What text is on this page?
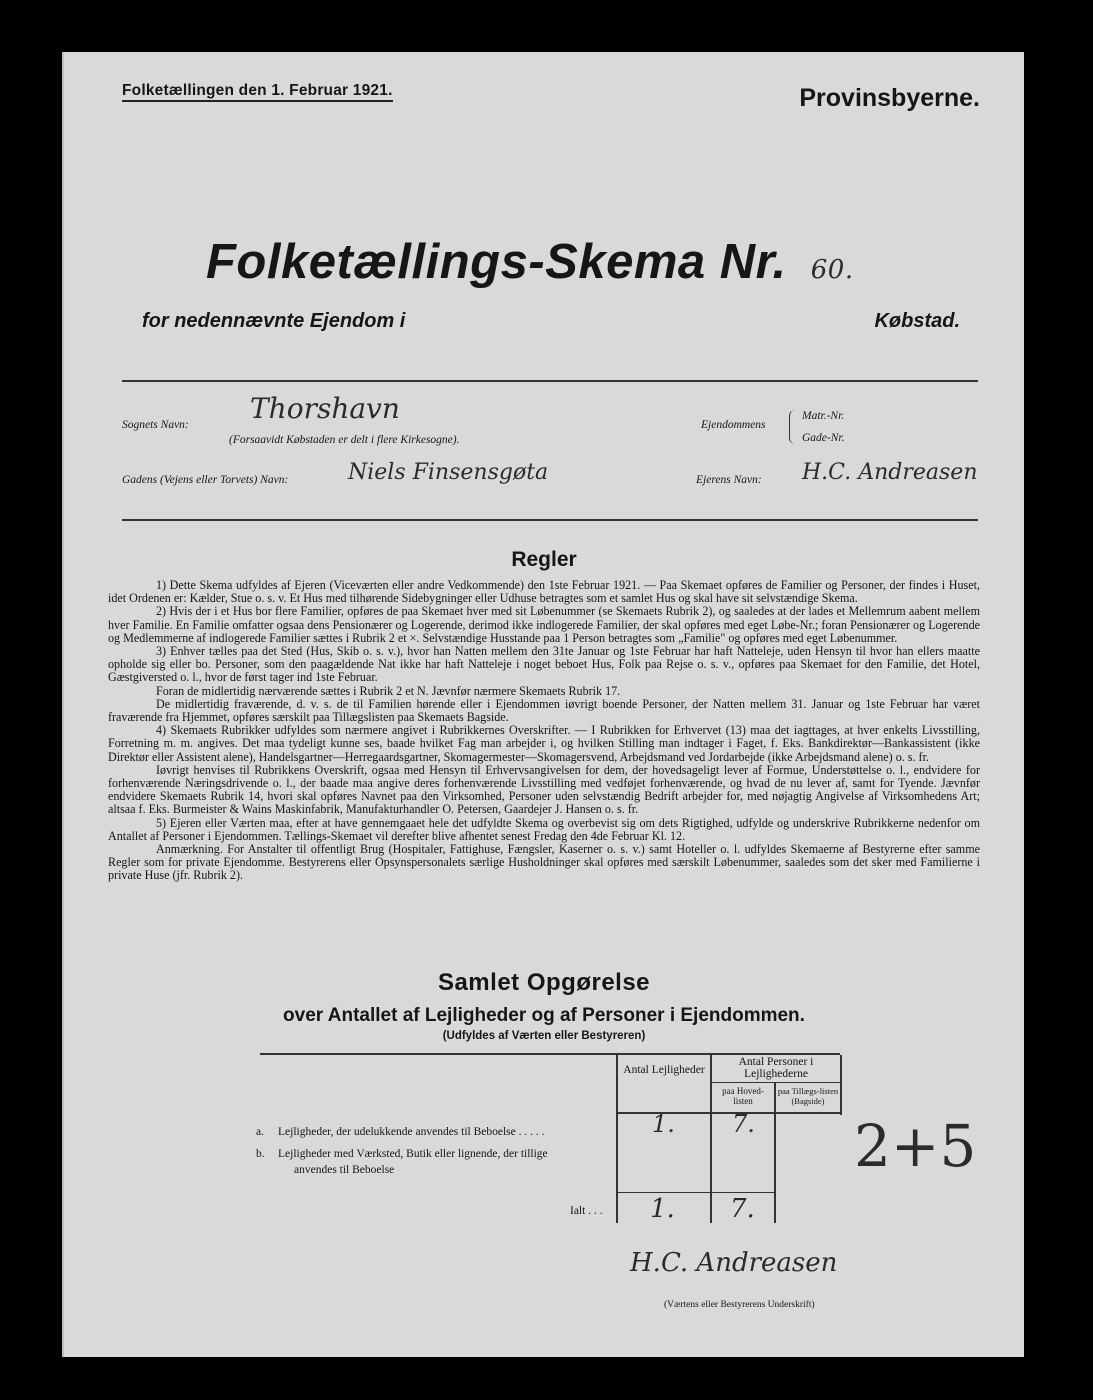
Folketællingen den 1. Februar 1921.	Provinsbyerne.
Folketællings-Skema Nr. 60.
for nedennævnte Ejendom i	Købstad.
Sognets Navn: Thorshavn
(Forsaavidt Købstaden er delt i flere Kirkesogne).
Ejendommens
Matr.-Nr.
Gade-Nr.
Gadens (Vejens eller Torvets) Navn:	Niels Finsensgøta	Ejerens Navn: H.C. Andreasen
Regler

1) Dette Skema udfyldes af Ejeren (Viceværten eller andre Vedkommende) den 1ste Februar 1921. — Paa Skemaet opføres de Familier og Personer, der findes i Huset, idet Ordenen er: Kælder, Stue o. s. v. Et Hus med tilhørende Sidebygninger eller Udhuse betragtes som et samlet Hus og skal have sit selvstændige Skema.

2) Hvis der i et Hus bor flere Familier, opføres de paa Skemaet hver med sit Løbenummer (se Skemaets Rubrik 2), og saaledes at der lades et Mellemrum aabent mellem hver Familie. En Familie omfatter ogsaa dens Pensionærer og Logerende, derimod ikke indlogerede Familier, der skal opføres med eget Løbe-Nr.; foran Pensionærer og Logerende og Medlemmerne af indlogerede Familier sættes i Rubrik 2 et ×. Selvstændige Husstande paa 1 Person betragtes som „Familie" og opføres med eget Løbenummer.

3) Enhver tælles paa det Sted (Hus, Skib o. s. v.), hvor han Natten mellem den 31te Januar og 1ste Februar har haft Natteleje, uden Hensyn til hvor han ellers maatte opholde sig eller bo. Personer, som den paagældende Nat ikke har haft Natteleje i noget beboet Hus, Folk paa Rejse o. s. v., opføres paa Skemaet for den Familie, det Hotel, Gæstgiversted o. l., hvor de først tager ind 1ste Februar.

Foran de midlertidig nærværende sættes i Rubrik 2 et N. Jævnfør nærmere Skemaets Rubrik 17.

De midlertidig fraværende, d. v. s. de til Familien hørende eller i Ejendommen iøvrigt boende Personer, der Natten mellem 31. Januar og 1ste Februar har været fraværende fra Hjemmet, opføres særskilt paa Tillægslisten paa Skemaets Bagside.

4) Skemaets Rubrikker udfyldes som nærmere angivet i Rubrikkernes Overskrifter. — I Rubrikken for Erhvervet (13) maa det iagttages, at hver enkelts Livsstilling, Forretning m. m. angives. Det maa tydeligt kunne ses, baade hvilket Fag man arbejder i, og hvilken Stilling man indtager i Faget, f. Eks. Bankdirektør—Bankassistent (ikke Direktør eller Assistent alene), Handelsgartner—Herregaardsgartner, Skomagermester—Skomagersvend, Arbejdsmand ved Jordarbejde (ikke Arbejdsmand alene) o. s. fr.

Iøvrigt henvises til Rubrikkens Overskrift, ogsaa med Hensyn til Erhvervsangivelsen for dem, der hovedsageligt lever af Formue, Understøttelse o. l., endvidere for forhenværende Næringsdrivende o. l., der baade maa angive deres forhenværende Livsstilling med vedføjet forhenværende, og hvad de nu lever af, samt for Tyende. Jævnfør endvidere Skemaets Rubrik 14, hvori skal opføres Navnet paa den Virksomhed, Personer uden selvstændig Bedrift arbejder for, med nøjagtig Angivelse af Virksomhedens Art; altsaa f. Eks. Burmeister & Wains Maskinfabrik, Manufakturhandler O. Petersen, Gaardejer J. Hansen o. s. fr.

5) Ejeren eller Værten maa, efter at have gennemgaaet hele det udfyldte Skema og overbevist sig om dets Rigtighed, udfylde og underskrive Rubrikkerne nedenfor om Antallet af Personer i Ejendommen. Tællings-Skemaet vil derefter blive afhentet senest Fredag den 4de Februar Kl. 12.

Anmærkning. For Anstalter til offentligt Brug (Hospitaler, Fattighuse, Fængsler, Kaserner o. s. v.) samt Hoteller o. l. udfyldes Skemaerne af Bestyrerne efter samme Regler som for private Ejendomme. Bestyrerens eller Opsynspersonalets særlige Husholdninger skal opføres med særskilt Løbenummer, saaledes som det sker med Familierne i private Huse (jfr. Rubrik 2).

Samlet Opgørelse
over Antallet af Lejligheder og af Personer i Ejendommen.
(Udfyldes af Værten eller Bestyreren)
Antal Lejligheder
Antal Personer i Lejlighederne
paa Hoved-listen
paa Tillægs-listen (Bagside)
a. Lejligheder, der udelukkende anvendes til Beboelse . . . . .	1. 7.
b. Lejligheder med Værksted, Butik eller lignende, der tillige
anvendes til Beboelse
Ialt . . . 1. 7.
2+5
H.C. Andreasen
(Værtens eller Bestyrerens Underskrift)
